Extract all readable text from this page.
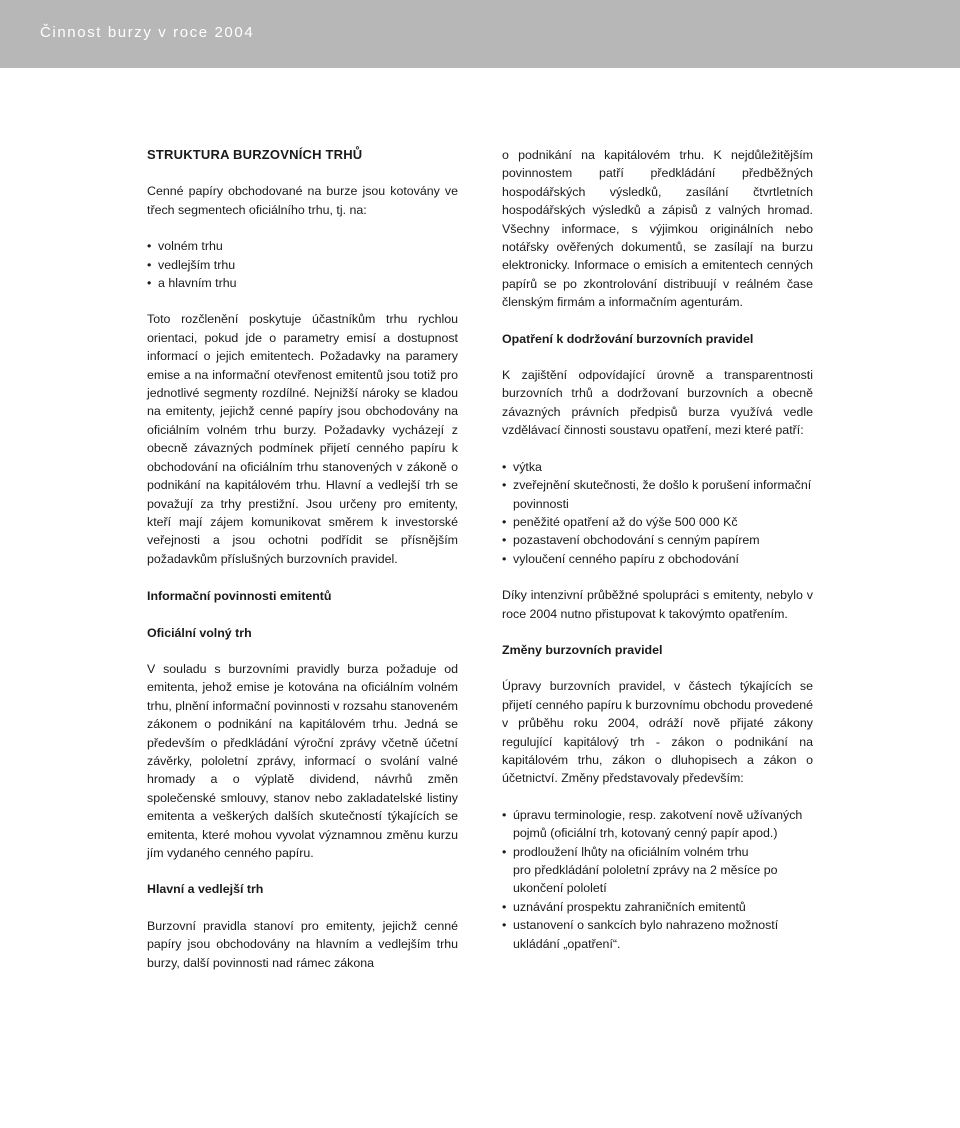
Činnost burzy v roce 2004
STRUKTURA BURZOVNÍCH TRHŮ

Cenné papíry obchodované na burze jsou kotovány ve třech segmentech oficiálního trhu, tj. na:

• volném trhu
• vedlejším trhu
• a hlavním trhu

Toto rozčlenění poskytuje účastníkům trhu rychlou orientaci, pokud jde o parametry emisí a dostupnost informací o jejich emitentech. Požadavky na paramery emise a na informační otevřenost emitentů jsou totiž pro jednotlivé segmenty rozdílné. Nejnižší nároky se kladou na emitenty, jejichž cenné papíry jsou obchodovány na oficiálním volném trhu burzy. Požadavky vycházejí z obecně závazných podmínek přijetí cenného papíru k obchodování na oficiálním trhu stanovených v zákoně o podnikání na kapitálovém trhu. Hlavní a vedlejší trh se považují za trhy prestižní. Jsou určeny pro emitenty, kteří mají zájem komunikovat směrem k investorské veřejnosti a jsou ochotni podřídit se přísnějším požadavkům příslušných burzovních pravidel.

Informační povinnosti emitentů
Oficiální volný trh

V souladu s burzovními pravidly burza požaduje od emitenta, jehož emise je kotována na oficiálním volném trhu, plnění informační povinnosti v rozsahu stanoveném zákonem o podnikání na kapitálovém trhu. Jedná se především o předkládání výroční zprávy včetně účetní závěrky, pololetní zprávy, informací o svolání valné hromady a o výplatě dividend, návrhů změn společenské smlouvy, stanov nebo zakladatelské listiny emitenta a veškerých dalších skutečností týkajících se emitenta, které mohou vyvolat významnou změnu kurzu jím vydaného cenného papíru.

Hlavní a vedlejší trh

Burzovní pravidla stanoví pro emitenty, jejichž cenné papíry jsou obchodovány na hlavním a vedlejším trhu burzy, další povinnosti nad rámec zákona

o podnikání na kapitálovém trhu. K nejdůležitějším povinnostem patří předkládání předběžných hospodářských výsledků, zasílání čtvrtletních hospodářských výsledků a zápisů z valných hromad. Všechny informace, s výjimkou originálních nebo notářsky ověřených dokumentů, se zasílají na burzu elektronicky. Informace o emisích a emitentech cenných papírů se po zkontrolování distribuují v reálném čase členským firmám a informačním agenturám.

Opatření k dodržování burzovních pravidel

K zajištění odpovídající úrovně a transparentnosti burzovních trhů a dodržovaní burzovních a obecně závazných právních předpisů burza využívá vedle vzdělávací činnosti soustavu opatření, mezi které patří:

• výtka
• zveřejnění skutečnosti, že došlo k porušení informační povinnosti
• peněžité opatření až do výše 500 000 Kč
• pozastavení obchodování s cenným papírem
• vyloučení cenného papíru z obchodování

Díky intenzivní průběžné spolupráci s emitenty, nebylo v roce 2004 nutno přistupovat k takovýmto opatřením.

Změny burzovních pravidel

Úpravy burzovních pravidel, v částech týkajících se přijetí cenného papíru k burzovnímu obchodu provedené v průběhu roku 2004, odráží nově přijaté zákony regulující kapitálový trh - zákon o podnikání na kapitálovém trhu, zákon o dluhopisech a zákon o účetnictví. Změny představovaly především:

• úpravu terminologie, resp. zakotvení nově užívaných pojmů (oficiální trh, kotovaný cenný papír apod.)
• prodloužení lhůty na oficiálním volném trhu
pro předkládání pololetní zprávy na 2 měsíce po ukončení pololetí
• uznávání prospektu zahraničních emitentů
• ustanovení o sankcích bylo nahrazeno možností ukládání „opatření“.
